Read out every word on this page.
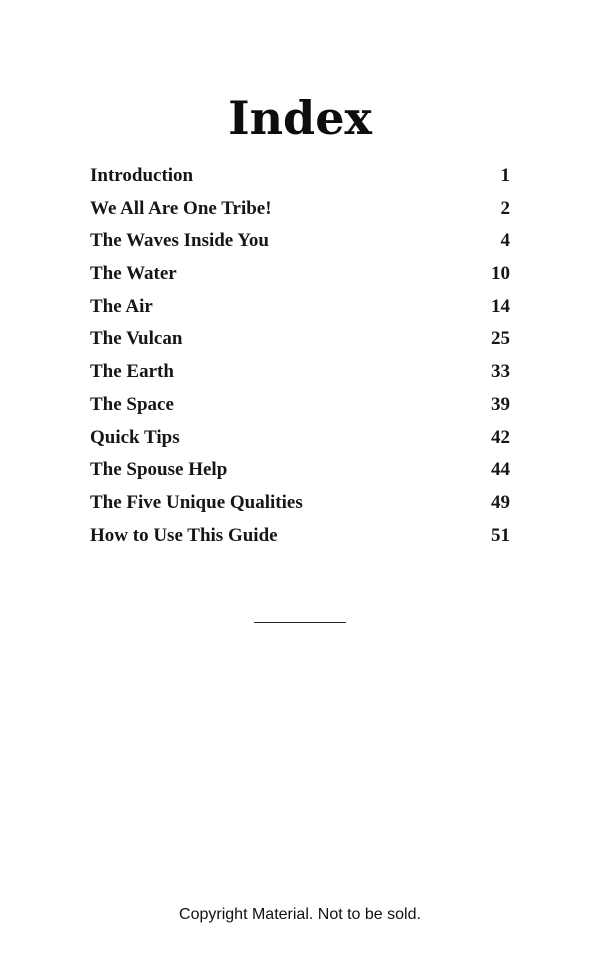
Index
Introduction	1
We All Are One Tribe!	2
The Waves Inside You	4
The Water	10
The Air	14
The Vulcan	25
The Earth	33
The Space	39
Quick Tips	42
The Spouse Help	44
The Five Unique Qualities	49
How to Use This Guide	51
Copyright Material. Not to be sold.
